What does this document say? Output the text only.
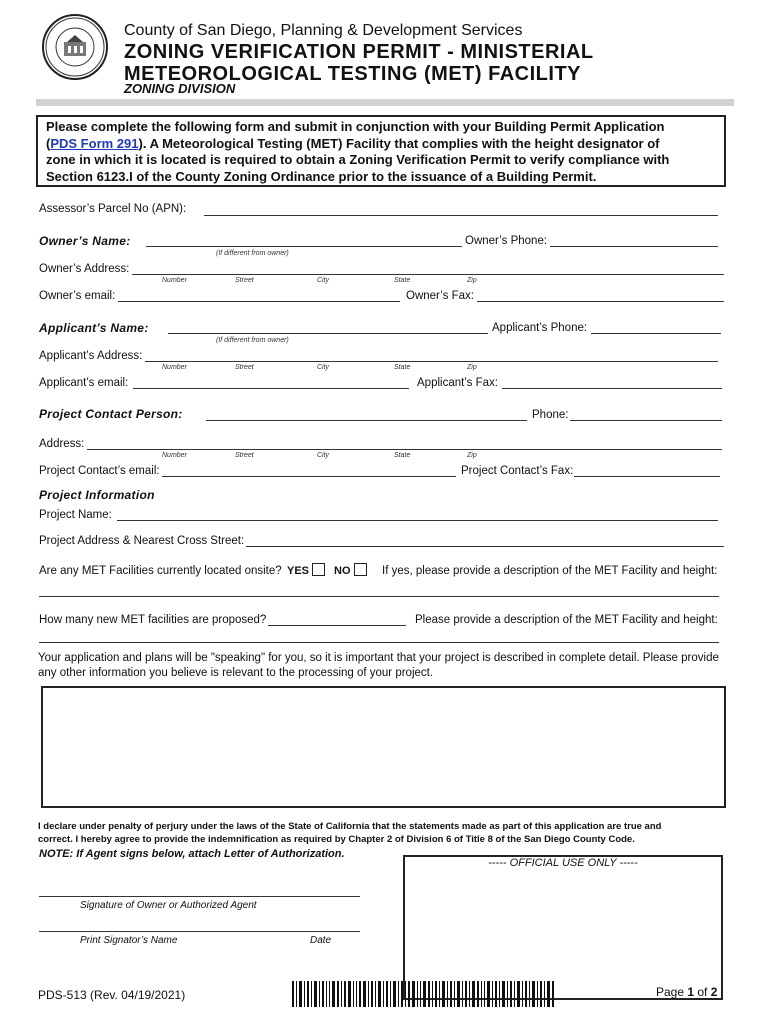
County of San Diego, Planning & Development Services
ZONING VERIFICATION PERMIT - MINISTERIAL
METEOROLOGICAL TESTING (MET) FACILITY
ZONING DIVISION
Please complete the following form and submit in conjunction with your Building Permit Application
(PDS Form 291). A Meteorological Testing (MET) Facility that complies with the height designator of
zone in which it is located is required to obtain a Zoning Verification Permit to verify compliance with
Section 6123.I of the County Zoning Ordinance prior to the issuance of a Building Permit.
Assessor’s Parcel No (APN):
Owner’s Name:	Owner’s Phone:
(If different from owner)
Owner’s Address:
Number	Street	City	State	Zip
Owner’s email:	Owner’s Fax:
Applicant’s Name:	Applicant’s Phone:
(If different from owner)
Applicant’s Address:
Number	Street	City	State	Zip
Applicant’s email:	Applicant’s Fax:
Project Contact Person:	Phone:
Address:
Number	Street	City	State	Zip
Project Contact’s email:	Project Contact’s Fax:
Project Information
Project Name:
Project Address & Nearest Cross Street:
Are any MET Facilities currently located onsite? YES	NO	If yes, please provide a description of the MET Facility and height:
How many new MET facilities are proposed?	Please provide a description of the MET Facility and height:
Your application and plans will be "speaking" for you, so it is important that your project is described in complete detail. Please provide any other information you believe is relevant to the processing of your project.
I declare under penalty of perjury under the laws of the State of California that the statements made as part of this application are true and
correct. I hereby agree to provide the indemnification as required by Chapter 2 of Division 6 of Title 8 of the San Diego County Code.
NOTE: If Agent signs below, attach Letter of Authorization.
Signature of Owner or Authorized Agent
Print Signator’s Name	Date
----- OFFICIAL USE ONLY -----
PDS-513 (Rev. 04/19/2021)	Page 1 of 2
